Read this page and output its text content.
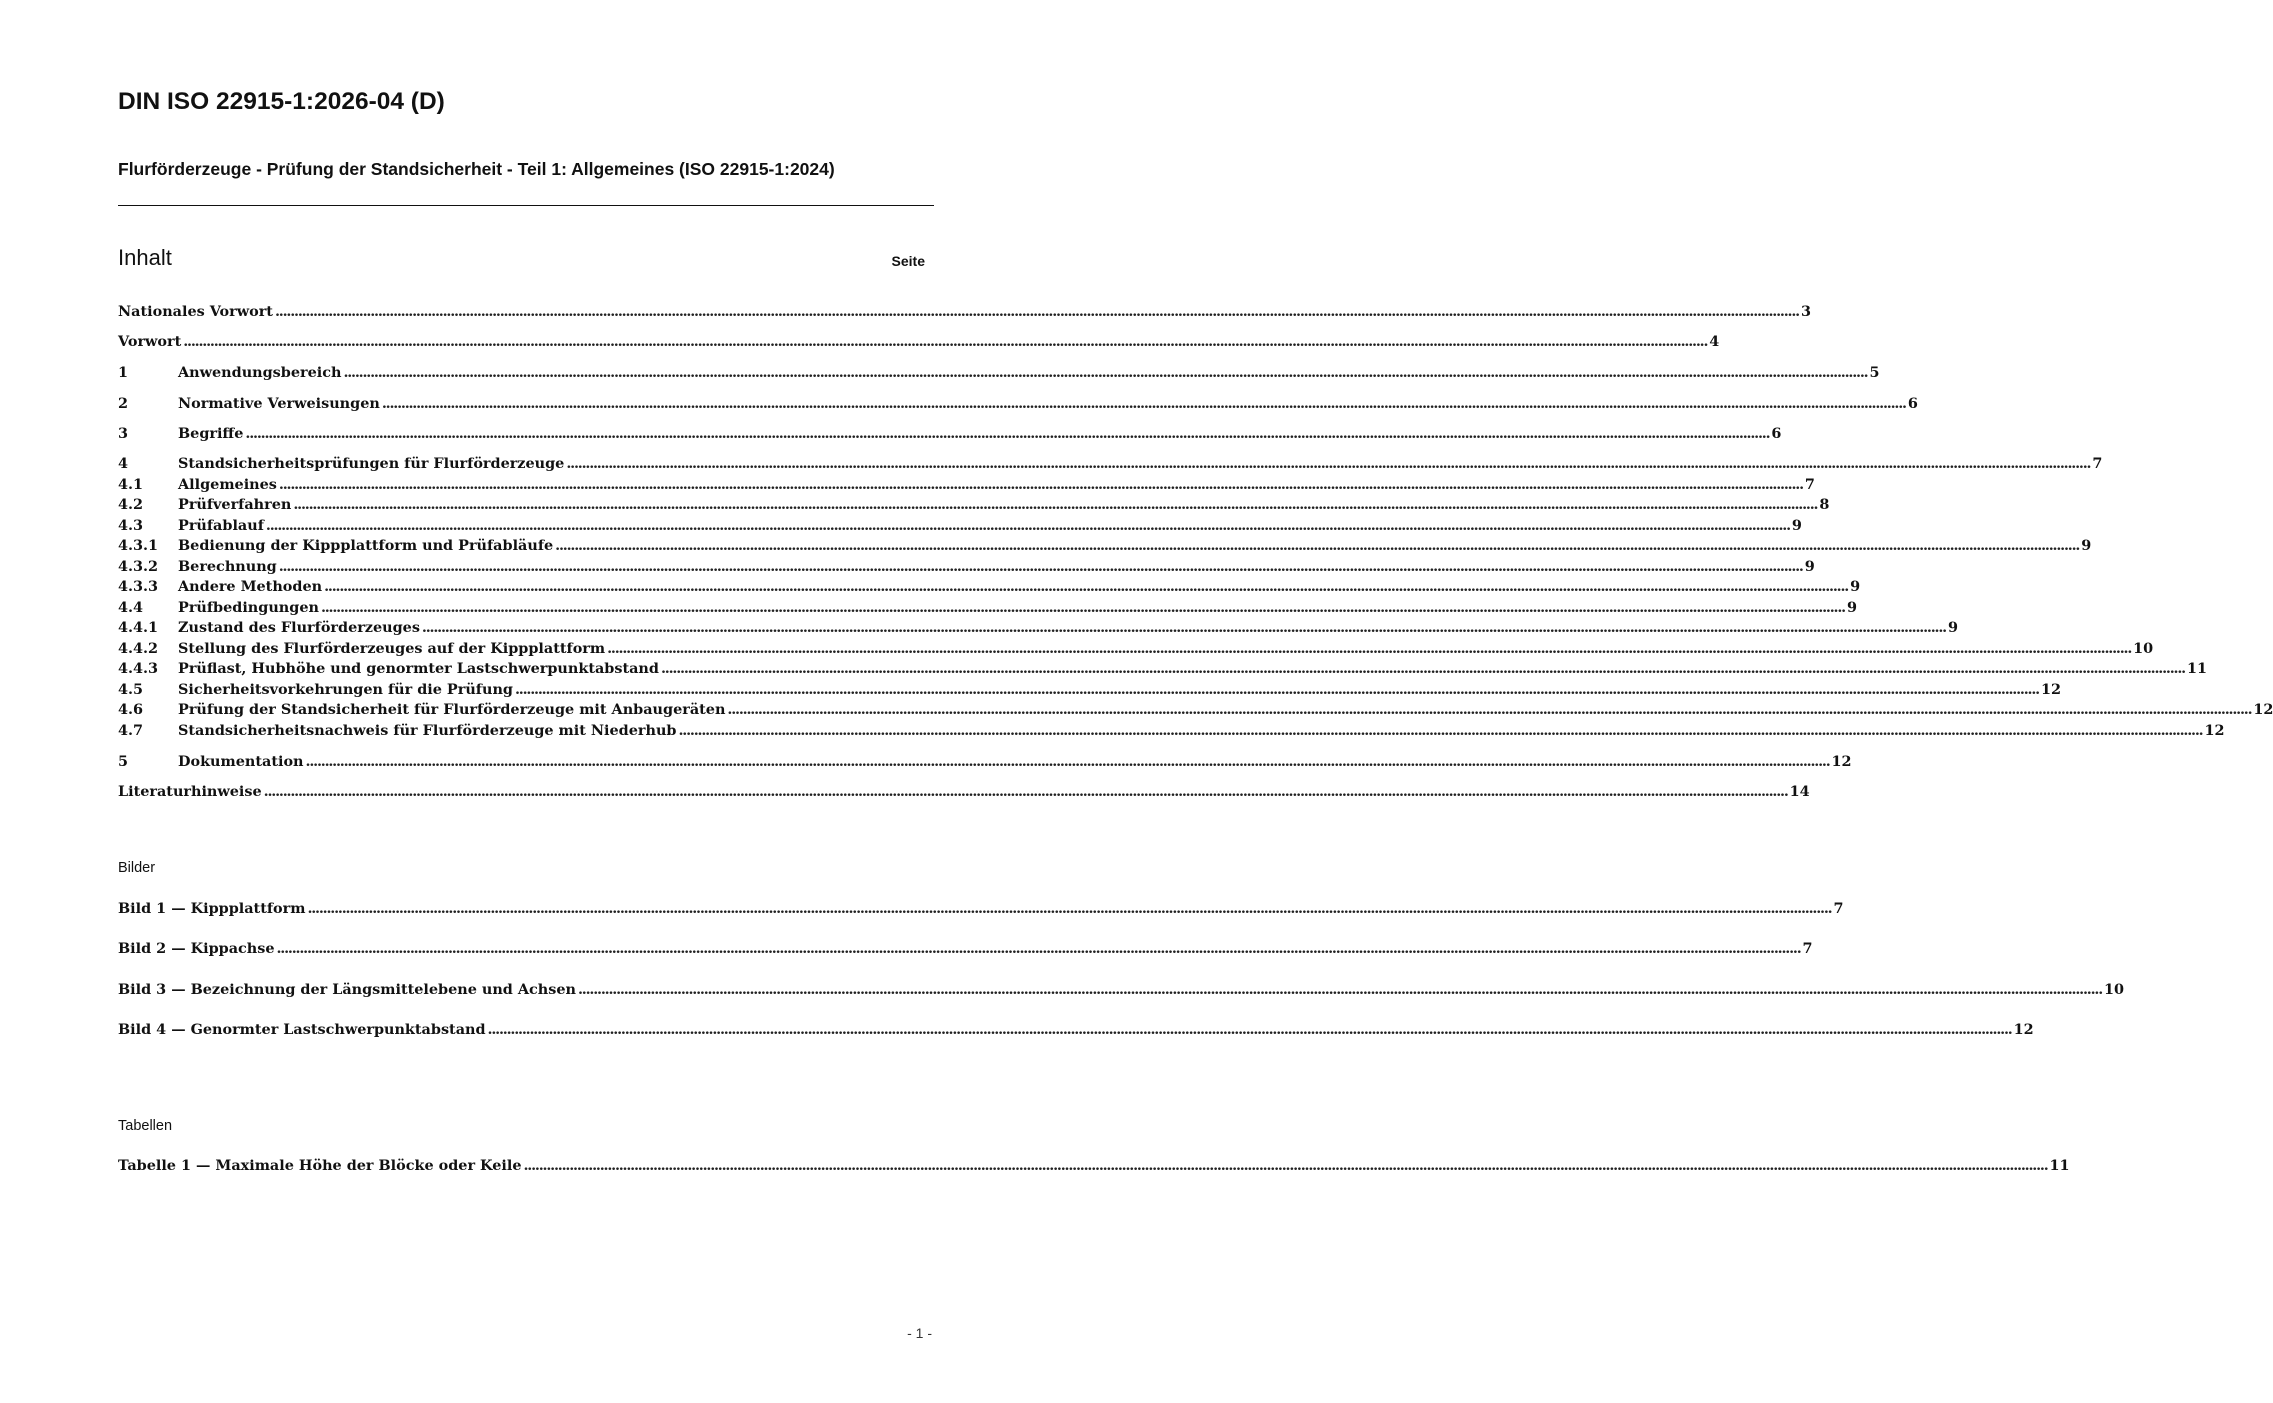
DIN ISO 22915-1:2026-04 (D)
Flurförderzeuge - Prüfung der Standsicherheit - Teil 1: Allgemeines (ISO 22915-1:2024)
Inhalt	Seite
Nationales Vorwort ................................................................................................................................................................................................................................................................................................................................................................................................................ 3
Vorwort ................................................................................................................................................................................................................................................................................................................................................................................................................ 4
1	Anwendungsbereich ................................................................................................................................................................................................................................................................................................................................................................................................................ 5
2	Normative Verweisungen ................................................................................................................................................................................................................................................................................................................................................................................................................ 6
3	Begriffe ................................................................................................................................................................................................................................................................................................................................................................................................................ 6
4	Standsicherheitsprüfungen für Flurförderzeuge ................................................................................................................................................................................................................................................................................................................................................................................................................ 7
4.1	Allgemeines ................................................................................................................................................................................................................................................................................................................................................................................................................ 7
4.2	Prüfverfahren ................................................................................................................................................................................................................................................................................................................................................................................................................ 8
4.3	Prüfablauf ................................................................................................................................................................................................................................................................................................................................................................................................................ 9
4.3.1	Bedienung der Kippplattform und Prüfabläufe ................................................................................................................................................................................................................................................................................................................................................................................................................ 9
4.3.2	Berechnung ................................................................................................................................................................................................................................................................................................................................................................................................................ 9
4.3.3	Andere Methoden ................................................................................................................................................................................................................................................................................................................................................................................................................ 9
4.4	Prüfbedingungen ................................................................................................................................................................................................................................................................................................................................................................................................................ 9
4.4.1	Zustand des Flurförderzeuges ................................................................................................................................................................................................................................................................................................................................................................................................................ 9
4.4.2	Stellung des Flurförderzeuges auf der Kippplattform ................................................................................................................................................................................................................................................................................................................................................................................................................ 10
4.4.3	Prüflast, Hubhöhe und genormter Lastschwerpunktabstand ................................................................................................................................................................................................................................................................................................................................................................................................................ 11
4.5	Sicherheitsvorkehrungen für die Prüfung ................................................................................................................................................................................................................................................................................................................................................................................................................ 12
4.6	Prüfung der Standsicherheit für Flurförderzeuge mit Anbaugeräten ................................................................................................................................................................................................................................................................................................................................................................................................................ 12
4.7	Standsicherheitsnachweis für Flurförderzeuge mit Niederhub ................................................................................................................................................................................................................................................................................................................................................................................................................ 12
5	Dokumentation ................................................................................................................................................................................................................................................................................................................................................................................................................ 12
Literaturhinweise ................................................................................................................................................................................................................................................................................................................................................................................................................ 14
Bilder
Bild 1 — Kippplattform ................................................................................................................................................................................................................................................................................................................................................................................................................ 7
Bild 2 — Kippachse ................................................................................................................................................................................................................................................................................................................................................................................................................ 7
Bild 3 — Bezeichnung der Längsmittelebene und Achsen ................................................................................................................................................................................................................................................................................................................................................................................................................ 10
Bild 4 — Genormter Lastschwerpunktabstand ................................................................................................................................................................................................................................................................................................................................................................................................................ 12
Tabellen
Tabelle 1 — Maximale Höhe der Blöcke oder Keile ................................................................................................................................................................................................................................................................................................................................................................................................................ 11
- 1 -
